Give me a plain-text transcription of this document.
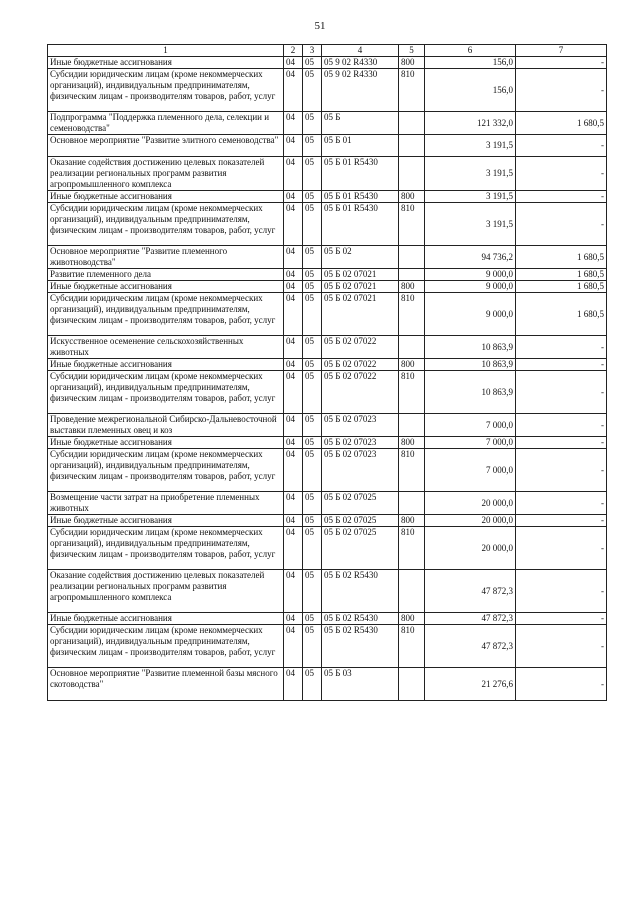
51
1	2	3	4	5	6	7
Иные бюджетные ассигнования	04	05	05 9 02 R4330	800	156,0	-
Субсидии юридическим лицам (кроме некоммерческих организаций), индивидуальным предпринимателям, физическим лицам - производителям товаров, работ, услуг	04	05	05 9 02 R4330	810	156,0	-
Подпрограмма "Поддержка племенного дела, селекции и семеноводства"	04	05	05 Б		121 332,0	1 680,5
Основное мероприятие "Развитие элитного семеноводства"	04	05	05 Б 01		3 191,5	-
Оказание содействия достижению целевых показателей реализации региональных программ развития агропромышленного комплекса	04	05	05 Б 01 R5430		3 191,5	-
Иные бюджетные ассигнования	04	05	05 Б 01 R5430	800	3 191,5	-
Субсидии юридическим лицам (кроме некоммерческих организаций), индивидуальным предпринимателям, физическим лицам - производителям товаров, работ, услуг	04	05	05 Б 01 R5430	810	3 191,5	-
Основное мероприятие "Развитие племенного животноводства"	04	05	05 Б 02		94 736,2	1 680,5
Развитие племенного дела	04	05	05 Б 02 07021		9 000,0	1 680,5
Иные бюджетные ассигнования	04	05	05 Б 02 07021	800	9 000,0	1 680,5
Субсидии юридическим лицам (кроме некоммерческих организаций), индивидуальным предпринимателям, физическим лицам - производителям товаров, работ, услуг	04	05	05 Б 02 07021	810	9 000,0	1 680,5
Искусственное осеменение сельскохозяйственных животных	04	05	05 Б 02 07022		10 863,9	-
Иные бюджетные ассигнования	04	05	05 Б 02 07022	800	10 863,9	-
Субсидии юридическим лицам (кроме некоммерческих организаций), индивидуальным предпринимателям, физическим лицам - производителям товаров, работ, услуг	04	05	05 Б 02 07022	810	10 863,9	-
Проведение межрегиональной Сибирско-Дальневосточной выставки племенных овец и коз	04	05	05 Б 02 07023		7 000,0	-
Иные бюджетные ассигнования	04	05	05 Б 02 07023	800	7 000,0	-
Субсидии юридическим лицам (кроме некоммерческих организаций), индивидуальным предпринимателям, физическим лицам - производителям товаров, работ, услуг	04	05	05 Б 02 07023	810	7 000,0	-
Возмещение части затрат на приобретение племенных животных	04	05	05 Б 02 07025		20 000,0	-
Иные бюджетные ассигнования	04	05	05 Б 02 07025	800	20 000,0	-
Субсидии юридическим лицам (кроме некоммерческих организаций), индивидуальным предпринимателям, физическим лицам - производителям товаров, работ, услуг	04	05	05 Б 02 07025	810	20 000,0	-
Оказание содействия достижению целевых показателей реализации региональных программ развития агропромышленного комплекса	04	05	05 Б 02 R5430		47 872,3	-
Иные бюджетные ассигнования	04	05	05 Б 02 R5430	800	47 872,3	-
Субсидии юридическим лицам (кроме некоммерческих организаций), индивидуальным предпринимателям, физическим лицам - производителям товаров, работ, услуг	04	05	05 Б 02 R5430	810	47 872,3	-
Основное мероприятие "Развитие племенной базы мясного скотоводства"	04	05	05 Б 03		21 276,6	-
